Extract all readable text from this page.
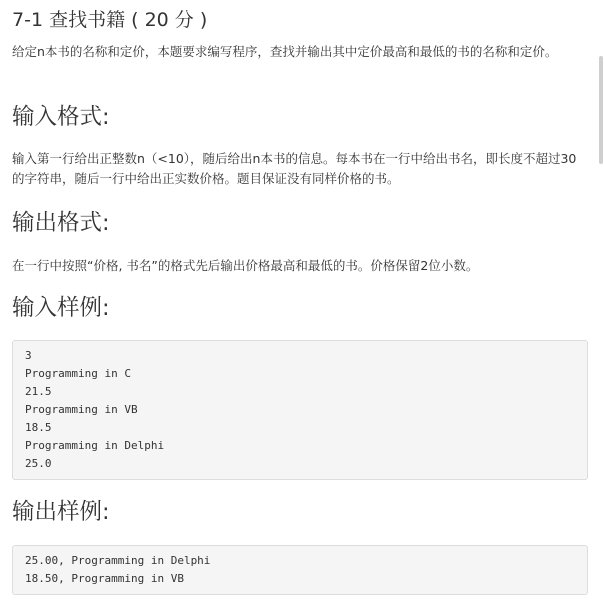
7-1 查找书籍 ( 20 分 )
给定n本书的名称和定价，本题要求编写程序，查找并输出其中定价最高和最低的书的名称和定价。
输入格式:
输入第一行给出正整数n（<10），随后给出n本书的信息。每本书在一行中给出书名，即长度不超过30的字符串，随后一行中给出正实数价格。题目保证没有同样价格的书。
输出格式:
在一行中按照“价格, 书名”的格式先后输出价格最高和最低的书。价格保留2位小数。
输入样例:
3
Programming in C
21.5
Programming in VB
18.5
Programming in Delphi
25.0
输出样例:
25.00, Programming in Delphi
18.50, Programming in VB
